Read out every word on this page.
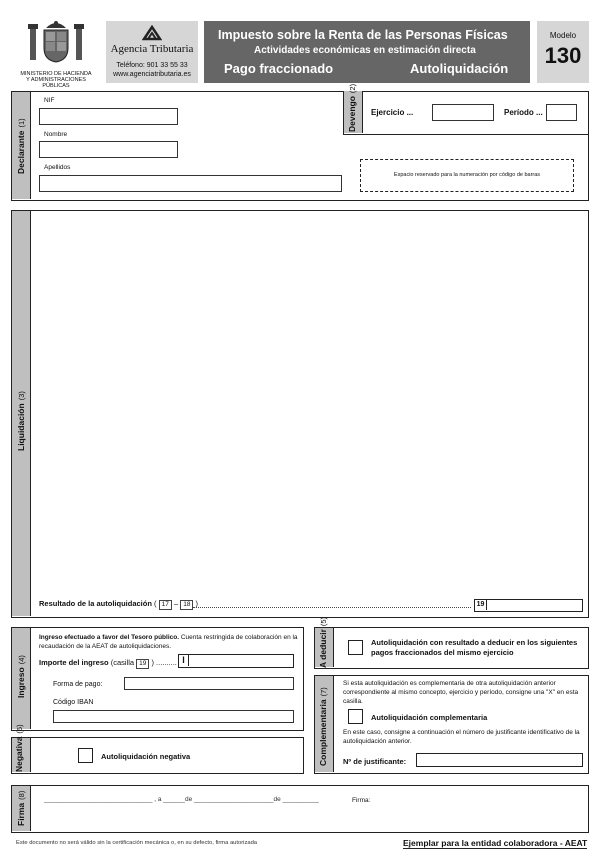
MINISTERIO DE HACIENDA
Y ADMINISTRACIONES
PÚBLICAS
Agencia Tributaria
Teléfono: 901 33 55 33
www.agenciatributaria.es
Impuesto sobre la Renta de las Personas Físicas
Actividades económicas en estimación directa
Pago fraccionado	Autoliquidación
Modelo
130
Declarante(1)
NIF
Nombre
Apellidos
Devengo(2)
Ejercicio ...	Período ...
Espacio reservado para la numeración por código de barras
Liquidación(3)
Resultado de la autoliquidación ( 17 – 18 )	19
Ingreso(4)
Ingreso efectuado a favor del Tesoro público. Cuenta restringida de colaboración en la recaudación de la AEAT de autoliquidaciones.
Importe del ingreso (casilla 19 ) .......... I
Forma de pago:
Código IBAN
A deducir(5)
Autoliquidación con resultado a deducir en los siguientes pagos fraccionados del mismo ejercicio
Complementaria(7)
Si esta autoliquidación es complementaria de otra autoliquidación anterior correspondiente al mismo concepto, ejercicio y período, consigne una "X" en esta casilla.
Autoliquidación complementaria
En este caso, consigne a continuación el número de justificante identificativo de la autoliquidación anterior.
Nº de justificante:
Negativa(6)
Autoliquidación negativa
Firma(8)	______________________________ , a ______de ______________________de __________	Firma:
Este documento no será válido sin la certificación mecánica o, en su defecto, firma autorizada	Ejemplar para la entidad colaboradora - AEAT
